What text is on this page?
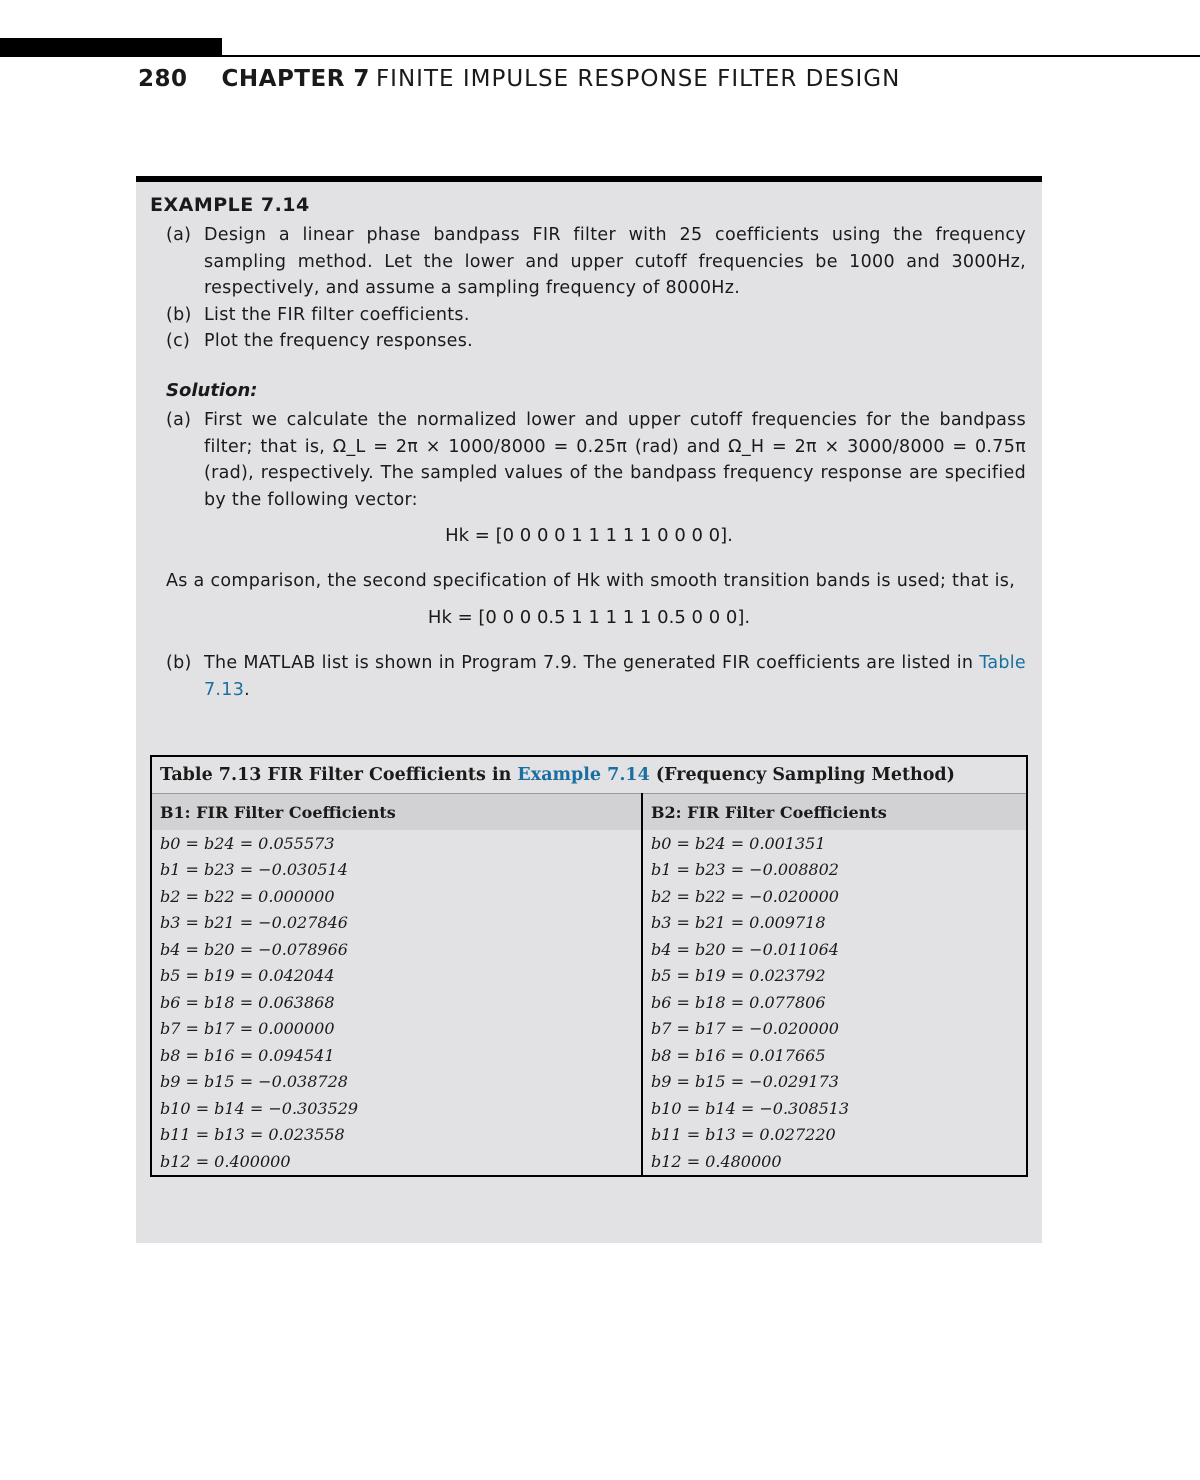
280 CHAPTER 7 FINITE IMPULSE RESPONSE FILTER DESIGN
EXAMPLE 7.14
(a) Design a linear phase bandpass FIR filter with 25 coefficients using the frequency sampling method. Let the lower and upper cutoff frequencies be 1000 and 3000Hz, respectively, and assume a sampling frequency of 8000Hz.
(b) List the FIR filter coefficients.
(c) Plot the frequency responses.
Solution:
(a) First we calculate the normalized lower and upper cutoff frequencies for the bandpass filter; that is, Ω_L = 2π × 1000/8000 = 0.25π (rad) and Ω_H = 2π × 3000/8000 = 0.75π (rad), respectively. The sampled values of the bandpass frequency response are specified by the following vector:
Hk = [0 0 0 0 1 1 1 1 1 0 0 0 0].
As a comparison, the second specification of Hk with smooth transition bands is used; that is,
Hk = [0 0 0 0.5 1 1 1 1 1 0.5 0 0 0].
(b) The MATLAB list is shown in Program 7.9. The generated FIR coefficients are listed in Table 7.13.
Table 7.13 FIR Filter Coefficients in Example 7.14 (Frequency Sampling Method)	
B1: FIR Filter Coefficients	B2: FIR Filter Coefficients
b0 = b24 = 0.055573	b0 = b24 = 0.001351
b1 = b23 = −0.030514	b1 = b23 = −0.008802
b2 = b22 = 0.000000	b2 = b22 = −0.020000
b3 = b21 = −0.027846	b3 = b21 = 0.009718
b4 = b20 = −0.078966	b4 = b20 = −0.011064
b5 = b19 = 0.042044	b5 = b19 = 0.023792
b6 = b18 = 0.063868	b6 = b18 = 0.077806
b7 = b17 = 0.000000	b7 = b17 = −0.020000
b8 = b16 = 0.094541	b8 = b16 = 0.017665
b9 = b15 = −0.038728	b9 = b15 = −0.029173
b10 = b14 = −0.303529	b10 = b14 = −0.308513
b11 = b13 = 0.023558	b11 = b13 = 0.027220
b12 = 0.400000	b12 = 0.480000
